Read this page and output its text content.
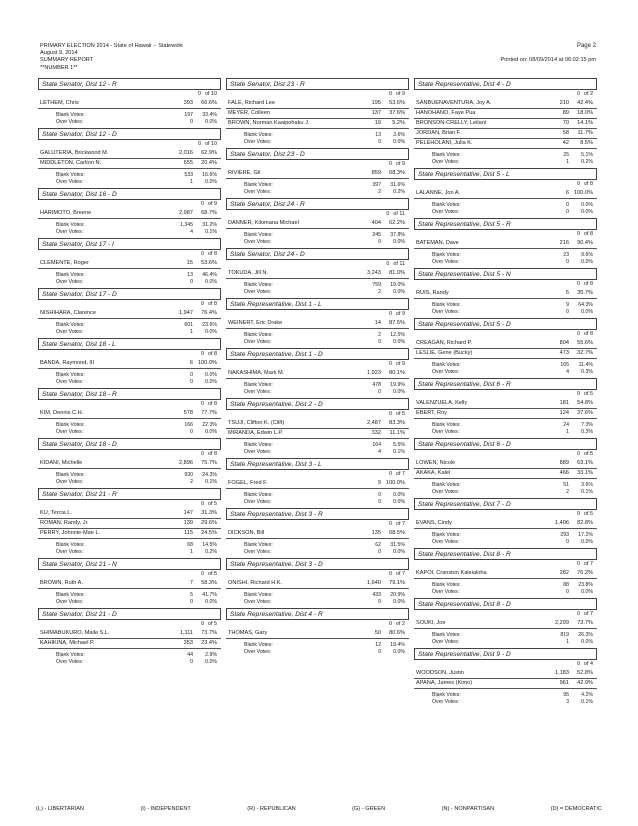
PRIMARY ELECTION 2014 - State of Hawaii -- Statewide
August 9, 2014
SUMMARY REPORT
**NUMBER 1**
Page 2
Printed on: 08/09/2014 at 06:02:15 pm
State Senator, Dist 12 - R
0 of 10
LETHEM, Chris	393	66.6%
Blank Votes:	197	33.4%
Over Votes:	0	0.0%
State Senator, Dist 12 - D
0 of 10
GALUTERIA, Brickwood M.	2,016	62.9%
MIDDLETON, Carlton N.	655	20.4%
Blank Votes:	533	16.6%
Over Votes:	1	0.0%
State Senator, Dist 16 - D
0 of 9
HARIMOTO, Breene	2,987	68.7%
Blank Votes:	1,345	31.2%
Over Votes:	4	0.1%
State Senator, Dist 17 - I
0 of 8
CLEMENTE, Roger	15	53.6%
Blank Votes:	13	46.4%
Over Votes:	0	0.0%
State Senator, Dist 17 - D
0 of 8
NISHIHARA, Clarence	1,947	76.4%
Blank Votes:	601	23.6%
Over Votes:	1	0.0%
State Senator, Dist 18 - L
0 of 8
BANDA, Raymond, III	6 100.0%
Blank Votes:	0	0.0%
Over Votes:	0	0.0%
State Senator, Dist 18 - R
0 of 8
KIM, Dennis C.H.	578	77.7%
Blank Votes:	166	22.3%
Over Votes:	0	0.0%
State Senator, Dist 18 - D
0 of 8
KIDANI, Michelle	2,896	75.7%
Blank Votes:	930	24.3%
Over Votes:	2	0.1%
State Senator, Dist 21 - R
0 of 5
KU, Tercia L.	147	31.3%
ROMAN, Randy, Jr.	139	29.6%
PERRY, Johnnie-Mae L.	115	24.5%
Blank Votes:	68	14.5%
Over Votes:	1	0.2%
State Senator, Dist 21 - N
0 of 5
BROWN, Ruth A.	7	58.3%
Blank Votes:	5	41.7%
Over Votes:	0	0.0%
State Senator, Dist 21 - D
0 of 5
SHIMABUKURO, Maile S.L.	1,111	73.7%
KAHIKINA, Michael P.	353	23.4%
Blank Votes:	44	2.9%
Over Votes:	0	0.0%
State Senator, Dist 23 - R
0 of 9
FALE, Richard Lee	195	53.6%
MEYER, Colleen	137	37.6%
BROWN, Norman Kaaipohaku J.	19	5.2%
Blank Votes:	13	3.6%
Over Votes:	0	0.0%
State Senator, Dist 23 - D
0 of 9
RIVIERE, Gil	859	68.3%
Blank Votes:	397	31.6%
Over Votes:	2	0.2%
State Senator, Dist 24 - R
0 of 11
DANNER, Kilomana Michael	404	62.2%
Blank Votes:	245	37.8%
Over Votes:	0	0.0%
State Senator, Dist 24 - D
0 of 11
TOKUDA, Jill N.	3,243	81.0%
Blank Votes:	759	19.0%
Over Votes:	2	0.0%
State Representative, Dist 1 - L
0 of 9
WEINERT, Eric Drake	14	87.5%
Blank Votes:	2	12.5%
Over Votes:	0	0.0%
State Representative, Dist 1 - D
0 of 9
NAKASHIMA, Mark M.	1,923	80.1%
Blank Votes:	478	19.9%
Over Votes:	0	0.0%
State Representative, Dist 2 - D
0 of 5
TSUJI, Clifton K. (Clift)	2,487	83.3%
MIRANDA, Edwin L.P.	332	11.1%
Blank Votes:	164	5.5%
Over Votes:	4	0.1%
State Representative, Dist 3 - L
0 of 7
FOGEL, Fred F.	9 100.0%
Blank Votes:	0	0.0%
Over Votes:	0	0.0%
State Representative, Dist 3 - R
0 of 7
DICKSON, Bill	135	68.5%
Blank Votes:	62	31.5%
Over Votes:	0	0.0%
State Representative, Dist 3 - D
0 of 7
ONISHI, Richard H.K.	1,640	79.1%
Blank Votes:	433	20.9%
Over Votes:	0	0.0%
State Representative, Dist 4 - R
0 of 2
THOMAS, Gary	50	80.6%
Blank Votes:	12	19.4%
Over Votes:	0	0.0%
State Representative, Dist 4 - D
0 of 2
SANBUENAVENTURA, Joy A.	210	42.4%
HANOHANO, Faye Pua	89	18.0%
BRONSON-CRELLY, Leilani	70	14.1%
JORDAN, Brian F.	58	11.7%
PELEHOLANI, Julia K.	42	8.5%
Blank Votes:	25	5.1%
Over Votes:	1	0.2%
State Representative, Dist 5 - L
0 of 8
LALANNE, Jon A.	6 100.0%
Blank Votes:	0	0.0%
Over Votes:	0	0.0%
State Representative, Dist 5 - R
0 of 8
BATEMAN, Dave	216	90.4%
Blank Votes:	23	9.6%
Over Votes:	0	0.0%
State Representative, Dist 5 - N
0 of 8
RUIS, Randy	5	35.7%
Blank Votes:	9	64.3%
Over Votes:	0	0.0%
State Representative, Dist 5 - D
0 of 8
CREAGAN, Richard P.	804	55.6%
LESLIE, Gene (Bucky)	473	32.7%
Blank Votes:	165	11.4%
Over Votes:	4	0.3%
State Representative, Dist 6 - R
0 of 5
VALENZUELA, Kelly	181	54.8%
EBERT, Roy	124	37.6%
Blank Votes:	24	7.3%
Over Votes:	1	0.3%
State Representative, Dist 6 - D
0 of 5
LOWEN, Nicole	889	63.1%
AKAKA, Kalei	466	33.1%
Blank Votes:	51	3.6%
Over Votes:	2	0.1%
State Representative, Dist 7 - D
0 of 5
EVANS, Cindy	1,406	82.8%
Blank Votes:	293	17.2%
Over Votes:	0	0.0%
State Representative, Dist 8 - R
0 of 7
KAPOI, Cranston Kaleialoha	282	76.2%
Blank Votes:	88	23.8%
Over Votes:	0	0.0%
State Representative, Dist 8 - D
0 of 7
SOUKI, Joe	2,299	73.7%
Blank Votes:	819	26.3%
Over Votes:	1	0.0%
State Representative, Dist 9 - D
0 of 4
WOODSON, Justin	1,183	52.8%
APANA, James (Kimo)	961	42.9%
Blank Votes:	95	4.2%
Over Votes:	3	0.1%
(L) - LIBERTARIAN	(I) - INDEPENDENT	(R) - REPUBLICAN	(G) - GREEN	(N) - NONPARTISAN	(D) = DEMOCRATIC
